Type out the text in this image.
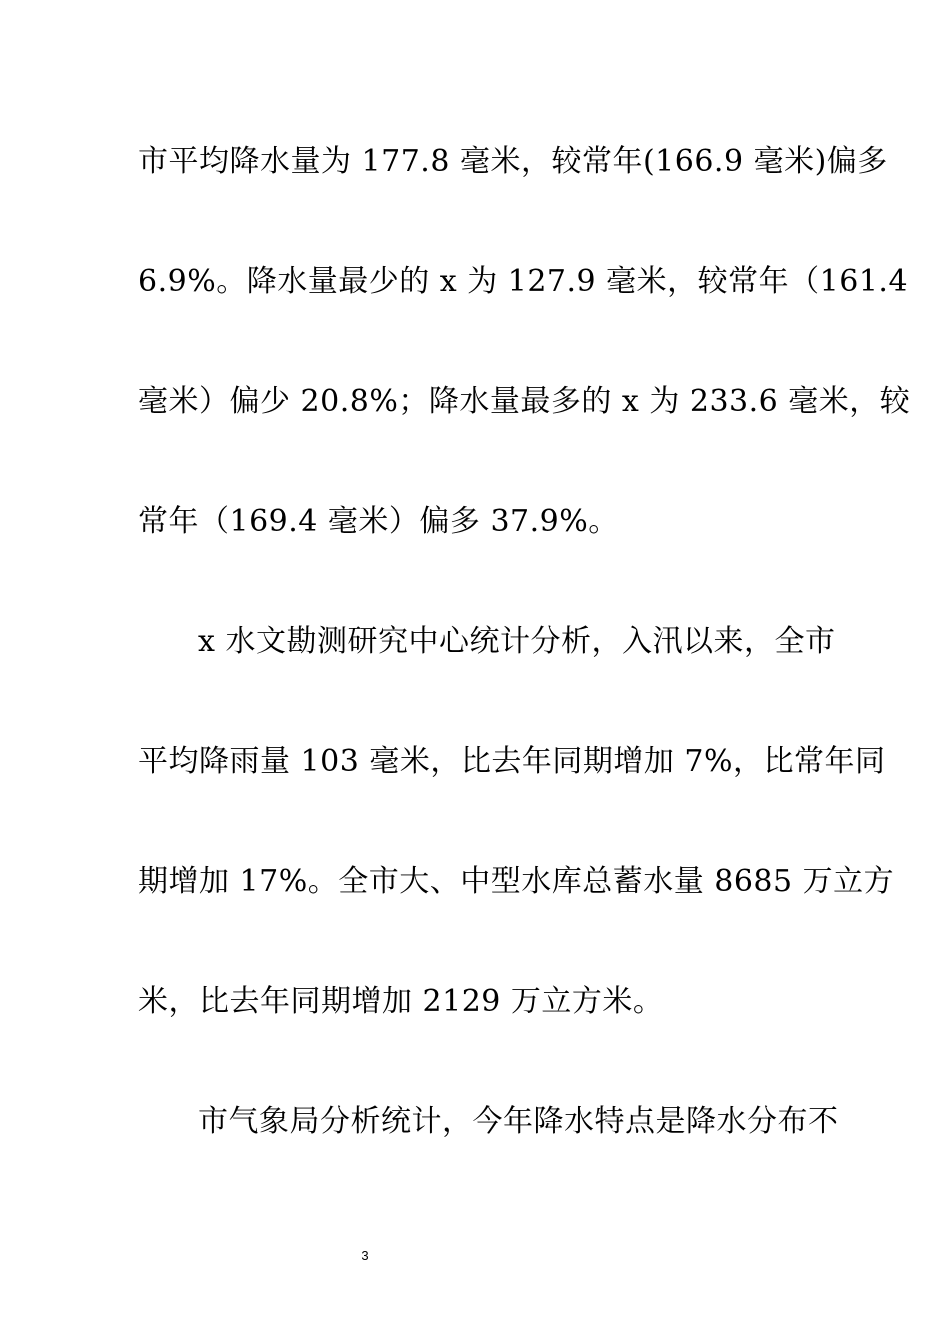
市平均降水量为 177.8 毫米，较常年(166.9 毫米)偏多
6.9%。降水量最少的 x 为 127.9 毫米，较常年（161.4
毫米）偏少 20.8%；降水量最多的 x 为 233.6 毫米，较
常年（169.4 毫米）偏多 37.9%。
x 水文勘测研究中心统计分析，入汛以来，全市
平均降雨量 103 毫米，比去年同期增加 7%，比常年同
期增加 17%。全市大、中型水库总蓄水量 8685 万立方
米，比去年同期增加 2129 万立方米。
市气象局分析统计，今年降水特点是降水分布不
3
